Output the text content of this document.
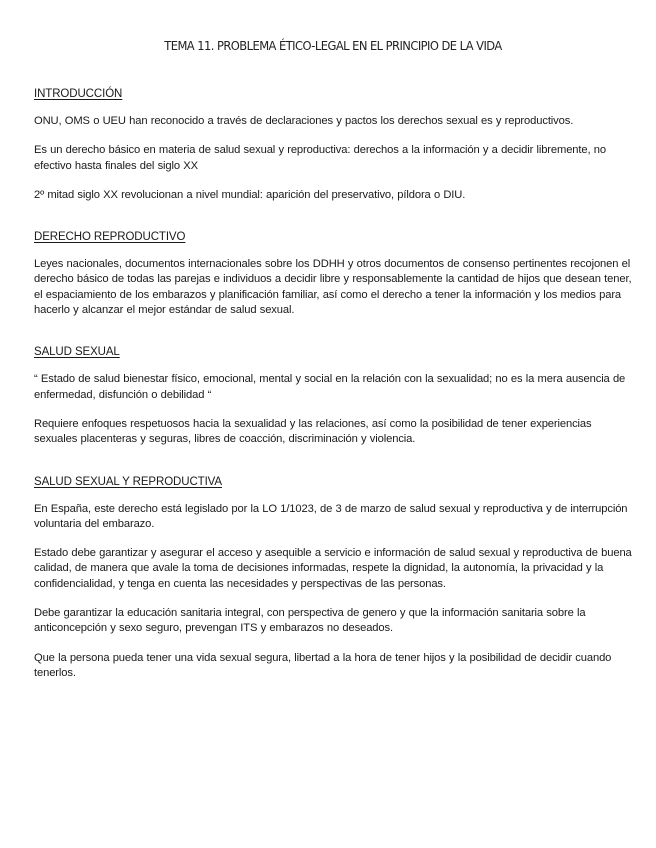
TEMA 11. PROBLEMA ÉTICO-LEGAL EN EL PRINCIPIO DE LA VIDA
INTRODUCCIÓN

ONU, OMS o UEU han reconocido a través de declaraciones y pactos los derechos sexual es y reproductivos.

Es un derecho básico en materia de salud sexual y reproductiva: derechos a la información y a decidir libremente, no efectivo hasta finales del siglo XX

2º mitad siglo XX revolucionan a nivel mundial: aparición del preservativo, píldora o DIU.

DERECHO REPRODUCTIVO

Leyes nacionales, documentos internacionales sobre los DDHH y otros documentos de consenso pertinentes recojonen el derecho básico de todas las parejas e individuos a decidir libre y responsablemente la cantidad de hijos que desean tener, el espaciamiento de los embarazos y planificación familiar, así como el derecho a tener la información y los medios para hacerlo y alcanzar el mejor estándar de salud sexual.

SALUD SEXUAL

“ Estado de salud bienestar físico, emocional, mental y social en la relación con la sexualidad; no es la mera ausencia de enfermedad, disfunción o debilidad “

Requiere enfoques respetuosos hacia la sexualidad y las relaciones, así como la posibilidad de tener experiencias sexuales placenteras y seguras, libres de coacción, discriminación y violencia.

SALUD SEXUAL Y REPRODUCTIVA

En España, este derecho está legislado por la LO 1/1023, de 3 de marzo de salud sexual y reproductiva y de interrupción voluntaria del embarazo.

Estado debe garantizar y asegurar el acceso y asequible a servicio e información de salud sexual y reproductiva de buena calidad, de manera que avale la toma de decisiones informadas, respete la dignidad, la autonomía, la privacidad y la confidencialidad, y tenga en cuenta las necesidades y perspectivas de las personas.

Debe garantizar la educación sanitaria integral, con perspectiva de genero y que la información sanitaria sobre la anticoncepción y sexo seguro, prevengan ITS y embarazos no deseados.

Que la persona pueda tener una vida sexual segura, libertad a la hora de tener hijos y la posibilidad de decidir cuando tenerlos.
